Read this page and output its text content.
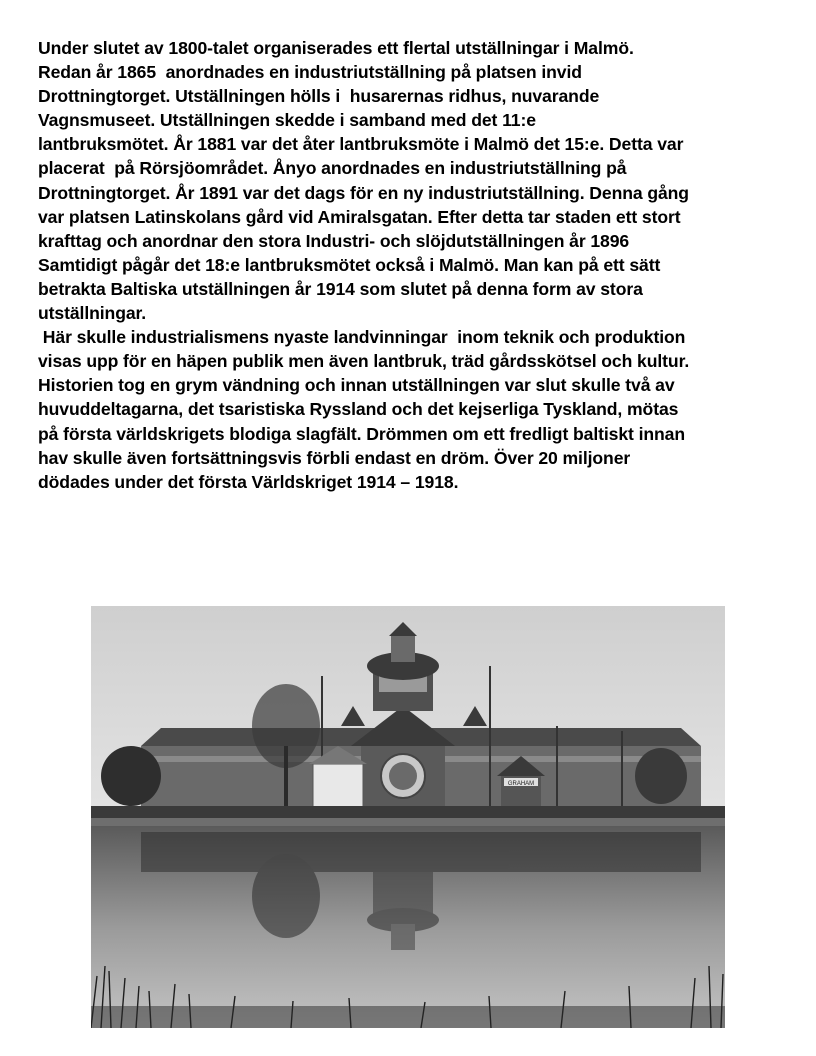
Under slutet av 1800-talet organiserades ett flertal utställningar i Malmö.
Redan år 1865  anordnades en industriutställning på platsen invid
Drottningtorget. Utställningen hölls i  husarernas ridhus, nuvarande
Vagnsmuseet. Utställningen skedde i samband med det 11:e
lantbruksmötet. År 1881 var det åter lantbruksmöte i Malmö det 15:e. Detta var
placerat  på Rörsjöområdet. Ånyo anordnades en industriutställning på
Drottningtorget. År 1891 var det dags för en ny industriutställning. Denna gång
var platsen Latinskolans gård vid Amiralsgatan. Efter detta tar staden ett stort
krafttag och anordnar den stora Industri- och slöjdutställningen år 1896
Samtidigt pågår det 18:e lantbruksmötet också i Malmö. Man kan på ett sätt
betrakta Baltiska utställningen år 1914 som slutet på denna form av stora
utställningar.
Här skulle industrialismens nyaste landvinningar  inom teknik och produktion
visas upp för en häpen publik men även lantbruk, träd gårdsskötsel och kultur.
Historien tog en grym vändning och innan utställningen var slut skulle två av
huvuddeltagarna, det tsaristiska Ryssland och det kejserliga Tyskland, mötas
på första världskrigets blodiga slagfält. Drömmen om ett fredligt baltiskt innan
hav skulle även fortsättningsvis förbli endast en dröm. Över 20 miljoner
dödades under det första Världskriget 1914 – 1918.
GRAHAM
